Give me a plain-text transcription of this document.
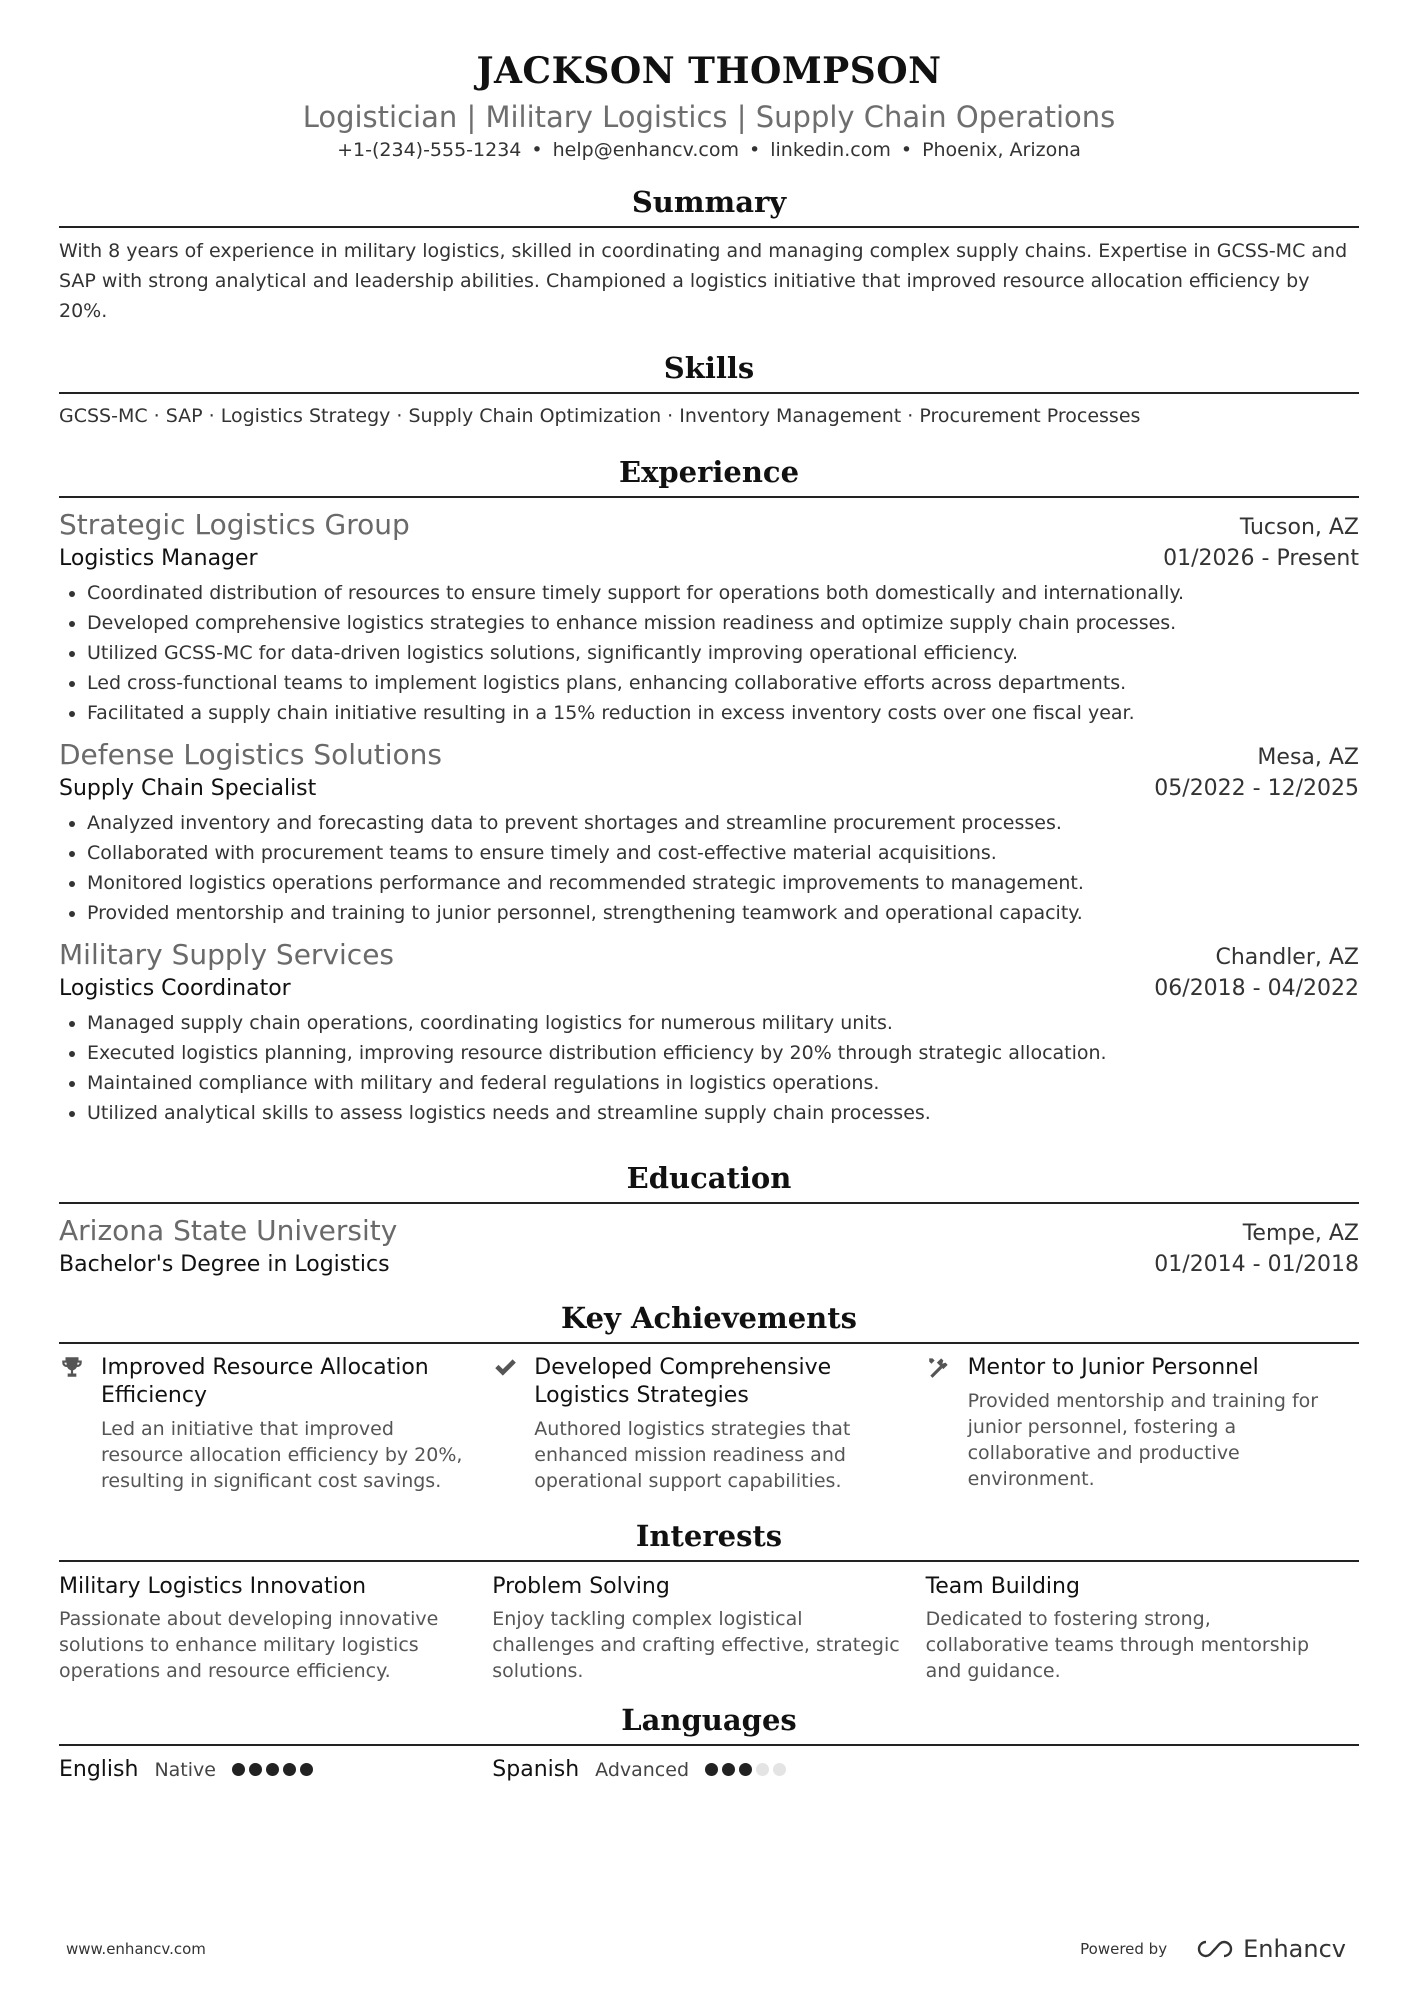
JACKSON THOMPSON
Logistician | Military Logistics | Supply Chain Operations
+1-(234)-555-1234 • help@enhancv.com • linkedin.com • Phoenix, Arizona
Summary
With 8 years of experience in military logistics, skilled in coordinating and managing complex supply chains. Expertise in GCSS-MC and SAP with strong analytical and leadership abilities. Championed a logistics initiative that improved resource allocation efficiency by 20%.
Skills
GCSS-MC · SAP · Logistics Strategy · Supply Chain Optimization · Inventory Management · Procurement Processes
Experience
Strategic Logistics Group	Tucson, AZ
Logistics Manager	01/2026 - Present
• Coordinated distribution of resources to ensure timely support for operations both domestically and internationally.
• Developed comprehensive logistics strategies to enhance mission readiness and optimize supply chain processes.
• Utilized GCSS-MC for data-driven logistics solutions, significantly improving operational efficiency.
• Led cross-functional teams to implement logistics plans, enhancing collaborative efforts across departments.
• Facilitated a supply chain initiative resulting in a 15% reduction in excess inventory costs over one fiscal year.
Defense Logistics Solutions	Mesa, AZ
Supply Chain Specialist	05/2022 - 12/2025
• Analyzed inventory and forecasting data to prevent shortages and streamline procurement processes.
• Collaborated with procurement teams to ensure timely and cost-effective material acquisitions.
• Monitored logistics operations performance and recommended strategic improvements to management.
• Provided mentorship and training to junior personnel, strengthening teamwork and operational capacity.
Military Supply Services	Chandler, AZ
Logistics Coordinator	06/2018 - 04/2022
• Managed supply chain operations, coordinating logistics for numerous military units.
• Executed logistics planning, improving resource distribution efficiency by 20% through strategic allocation.
• Maintained compliance with military and federal regulations in logistics operations.
• Utilized analytical skills to assess logistics needs and streamline supply chain processes.
Education
Arizona State University	Tempe, AZ
Bachelor's Degree in Logistics	01/2014 - 01/2018
Key Achievements
Improved Resource Allocation Efficiency
Led an initiative that improved resource allocation efficiency by 20%, resulting in significant cost savings.
Developed Comprehensive Logistics Strategies
Authored logistics strategies that enhanced mission readiness and operational support capabilities.
Mentor to Junior Personnel
Provided mentorship and training for junior personnel, fostering a collaborative and productive environment.
Interests
Military Logistics Innovation
Passionate about developing innovative solutions to enhance military logistics operations and resource efficiency.
Problem Solving
Enjoy tackling complex logistical challenges and crafting effective, strategic solutions.
Team Building
Dedicated to fostering strong, collaborative teams through mentorship and guidance.
Languages
English Native	Spanish Advanced
www.enhancv.com	Powered by	Enhancv
